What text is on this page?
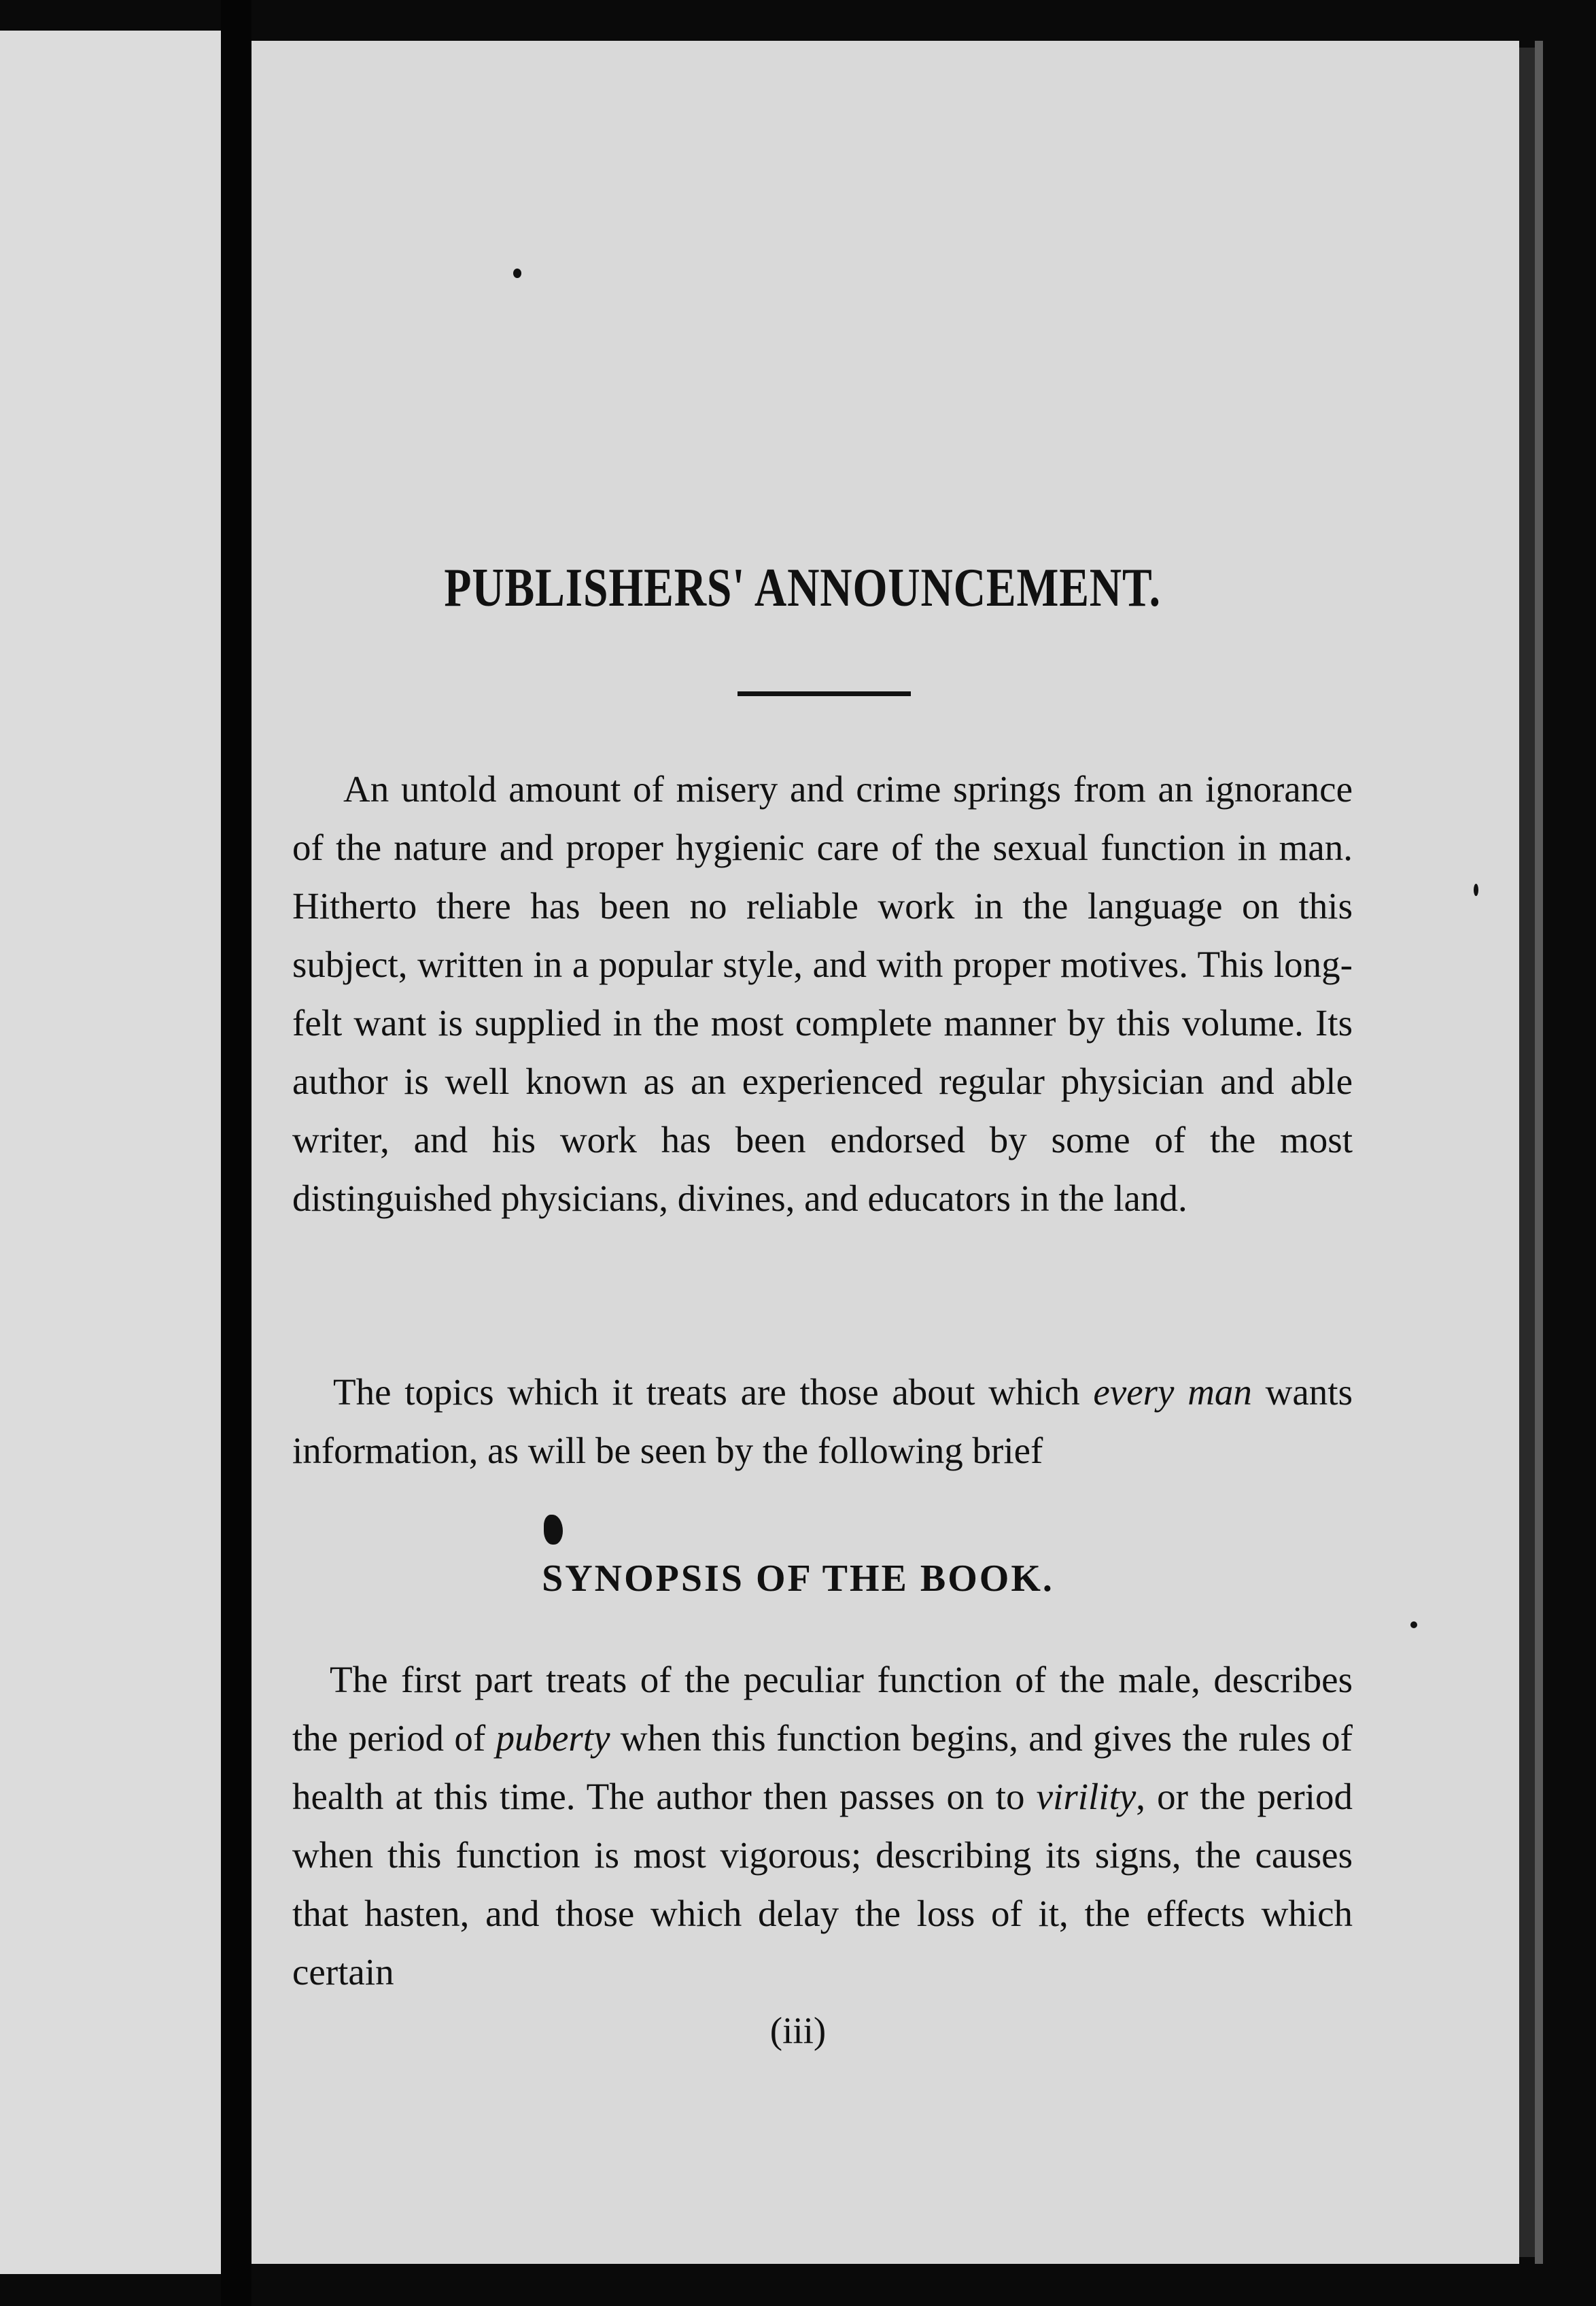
PUBLISHERS' ANNOUNCEMENT.

An untold amount of misery and crime springs from an ignorance of the nature and proper hygienic care of the sexual function in man. Hitherto there has been no reliable work in the language on this subject, written in a popular style, and with proper motives. This long-felt want is supplied in the most complete manner by this volume. Its author is well known as an experienced regular physician and able writer, and his work has been endorsed by some of the most distinguished physicians, divines, and educators in the land.

The topics which it treats are those about which every man wants information, as will be seen by the following brief

SYNOPSIS OF THE BOOK.

The first part treats of the peculiar function of the male, describes the period of puberty when this function begins, and gives the rules of health at this time. The author then passes on to virility, or the period when this function is most vigorous; describing its signs, the causes that hasten, and those which delay the loss of it, the effects which certain

(iii)
